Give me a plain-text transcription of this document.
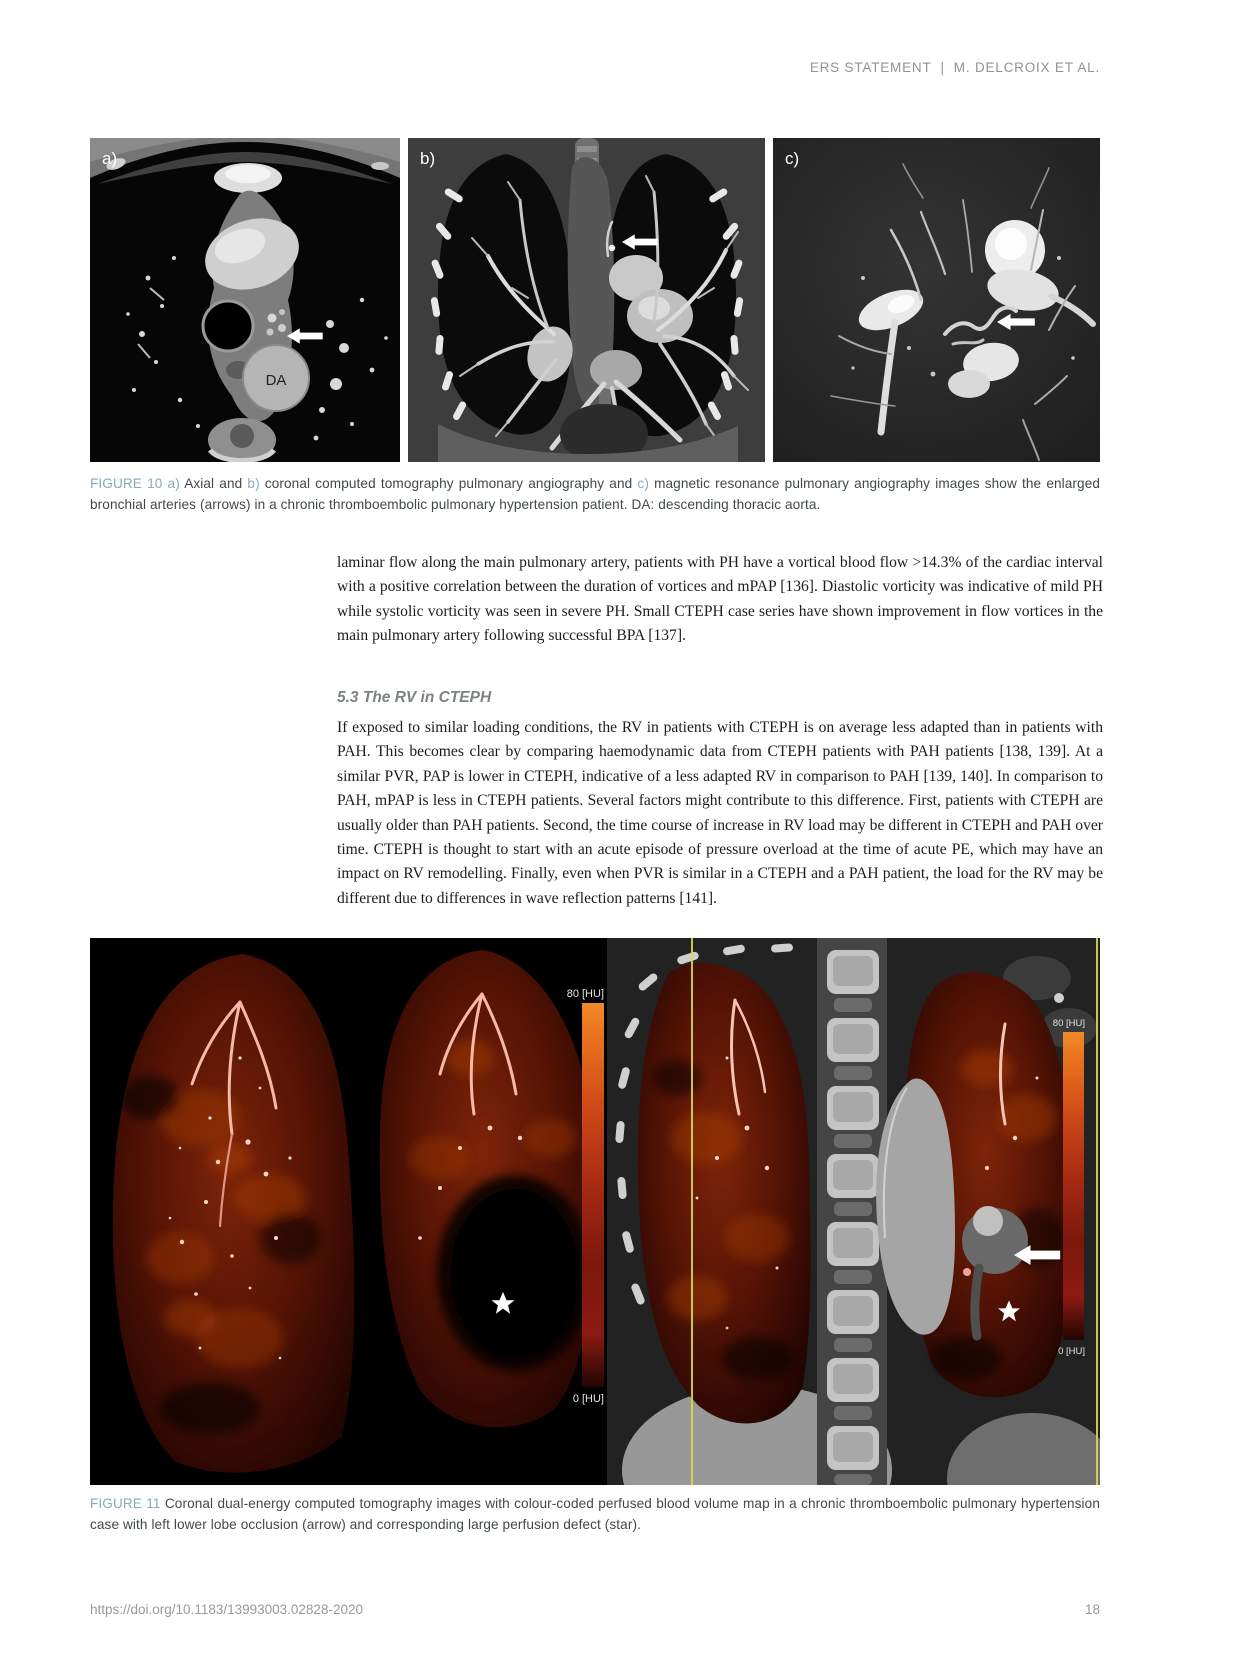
ERS STATEMENT | M. DELCROIX ET AL.
DA
a)	b)	c)
FIGURE 10 a) Axial and b) coronal computed tomography pulmonary angiography and c) magnetic resonance pulmonary angiography images show the enlarged bronchial arteries (arrows) in a chronic thromboembolic pulmonary hypertension patient. DA: descending thoracic aorta.

laminar flow along the main pulmonary artery, patients with PH have a vortical blood flow >14.3% of the cardiac interval with a positive correlation between the duration of vortices and mPAP [136]. Diastolic vorticity was indicative of mild PH while systolic vorticity was seen in severe PH. Small CTEPH case series have shown improvement in flow vortices in the main pulmonary artery following successful BPA [137].

5.3 The RV in CTEPH

If exposed to similar loading conditions, the RV in patients with CTEPH is on average less adapted than in patients with PAH. This becomes clear by comparing haemodynamic data from CTEPH patients with PAH patients [138, 139]. At a similar PVR, PAP is lower in CTEPH, indicative of a less adapted RV in comparison to PAH [139, 140]. In comparison to PAH, mPAP is less in CTEPH patients. Several factors might contribute to this difference. First, patients with CTEPH are usually older than PAH patients. Second, the time course of increase in RV load may be different in CTEPH and PAH over time. CTEPH is thought to start with an acute episode of pressure overload at the time of acute PE, which may have an impact on RV remodelling. Finally, even when PVR is similar in a CTEPH and a PAH patient, the load for the RV may be different due to differences in wave reflection patterns [141].

80 [HU]
0 [HU]
80 [HU]
0 [HU]
FIGURE 11 Coronal dual-energy computed tomography images with colour-coded perfused blood volume map in a chronic thromboembolic pulmonary hypertension case with left lower lobe occlusion (arrow) and corresponding large perfusion defect (star).
https://doi.org/10.1183/13993003.02828-2020	18
